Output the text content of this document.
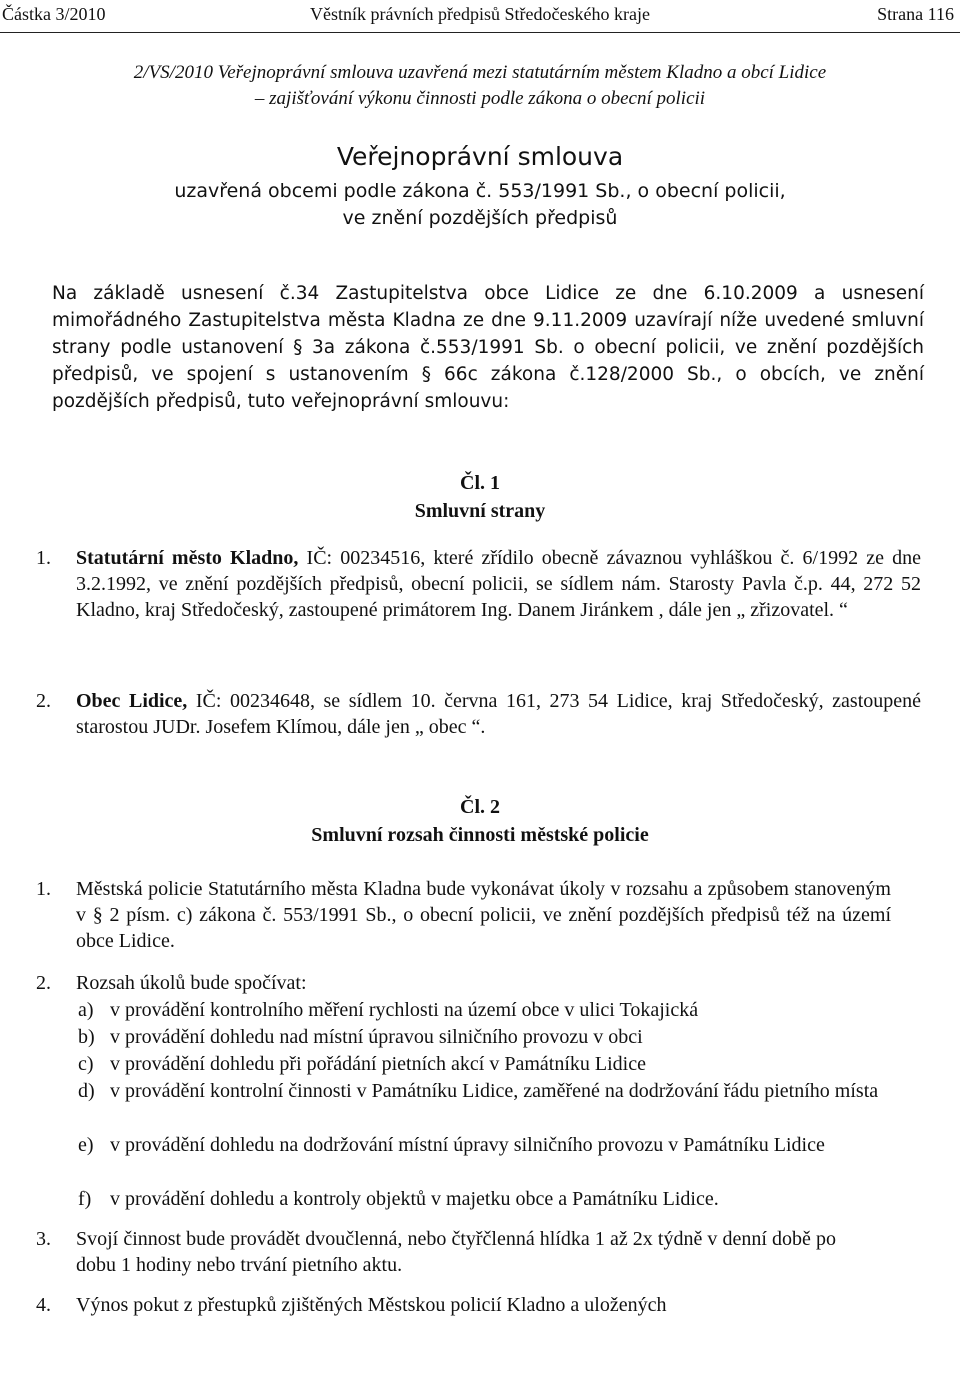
Částka 3/2010	Věstník právních předpisů Středočeského kraje	Strana 116
2/VS/2010 Veřejnoprávní smlouva uzavřená mezi statutárním městem Kladno a obcí Lidice
– zajišťování výkonu činnosti podle zákona o obecní policii
Veřejnoprávní smlouva
uzavřená obcemi podle zákona č. 553/1991 Sb., o obecní policii,
ve znění pozdějších předpisů
Na základě usnesení č.34 Zastupitelstva obce Lidice ze dne 6.10.2009 a usnesení mimořádného Zastupitelstva města Kladna ze dne 9.11.2009 uzavírají níže uvedené smluvní strany podle ustanovení § 3a zákona č.553/1991 Sb. o obecní policii, ve znění pozdějších předpisů, ve spojení s ustanovením § 66c zákona č.128/2000 Sb., o obcích, ve znění pozdějších předpisů, tuto veřejnoprávní smlouvu:
Čl. 1
Smluvní strany
1. Statutární město Kladno, IČ: 00234516, které zřídilo obecně závaznou vyhláškou č. 6/1992 ze dne 3.2.1992, ve znění pozdějších předpisů, obecní policii, se sídlem nám. Starosty Pavla č.p. 44, 272 52 Kladno, kraj Středočeský, zastoupené primátorem Ing. Danem Jiránkem , dále jen „ zřizovatel. “
2. Obec Lidice, IČ: 00234648, se sídlem 10. června 161, 273 54 Lidice, kraj Středočeský, zastoupené starostou JUDr. Josefem Klímou, dále jen „ obec “.
Čl. 2
Smluvní rozsah činnosti městské policie
1. Městská policie Statutárního města Kladna bude vykonávat úkoly v rozsahu a způsobem stanoveným v § 2 písm. c) zákona č. 553/1991 Sb., o obecní policii, ve znění pozdějších předpisů též na území obce Lidice.
2. Rozsah úkolů bude spočívat:
a) v provádění kontrolního měření rychlosti na území obce v ulici Tokajická
b) v provádění dohledu nad místní úpravou silničního provozu v obci
c) v provádění dohledu při pořádání pietních akcí v Památníku Lidice
d) v provádění kontrolní činnosti v Památníku Lidice, zaměřené na dodržování řádu pietního místa
e) v provádění dohledu na dodržování místní úpravy silničního provozu v Památníku Lidice
f) v provádění dohledu a kontroly objektů v majetku obce a Památníku Lidice.
3. Svojí činnost bude provádět dvoučlenná, nebo čtyřčlenná hlídka 1 až 2x týdně v denní době po dobu 1 hodiny nebo trvání pietního aktu.
4. Výnos pokut z přestupků zjištěných Městskou policií Kladno a uložených
